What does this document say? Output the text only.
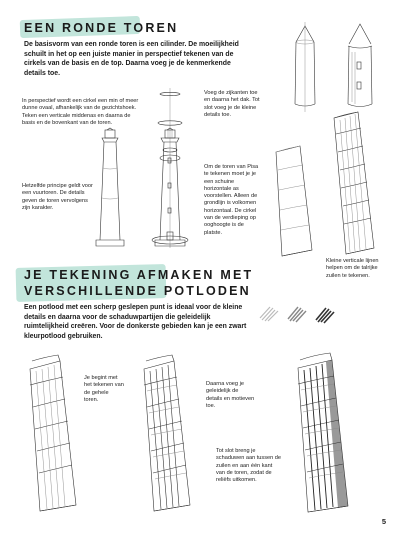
EEN RONDE TOREN

De basisvorm van een ronde toren is een cilinder. De moeilijkheid schuilt in het op een juiste manier in perspectief tekenen van de cirkels van de basis en de top. Daarna voeg je de kenmerkende details toe.

In perspectief wordt een cirkel een min of meer dunne ovaal, afhankelijk van de gezichtshoek. Teken een verticale middenas en daarna de basis en de bovenkant van de toren.

Voeg de zijkanten toe en daarna het dak. Tot slot voeg je de kleine details toe.

Hetzelfde principe geldt voor een vuurtoren. De details geven de toren vervolgens zijn karakter.

Om de toren van Pisa te tekenen moet je je een schuine horizontale as voorstellen. Alleen de grondlijn is volkomen horizontaal. De cirkel van de verdieping op ooghoogte is de platste.

Kleine verticale lijnen helpen om de talrijke zuilen te tekenen.

JE TEKENING AFMAKEN MET
VERSCHILLENDE POTLODEN

Een potlood met een scherp geslepen punt is ideaal voor de kleine details en daarna voor de schaduwpartijen die geleidelijk ruimtelijkheid creëren. Voor de donkerste gebieden kan je een zwart kleurpotlood gebruiken.

Je begint met het tekenen van de gehele toren.

Daarna voeg je geleidelijk de details en motieven toe.

Tot slot breng je schaduwen aan tussen de zuilen en aan één kant van de toren, zodat de reliëfs uitkomen.

5
